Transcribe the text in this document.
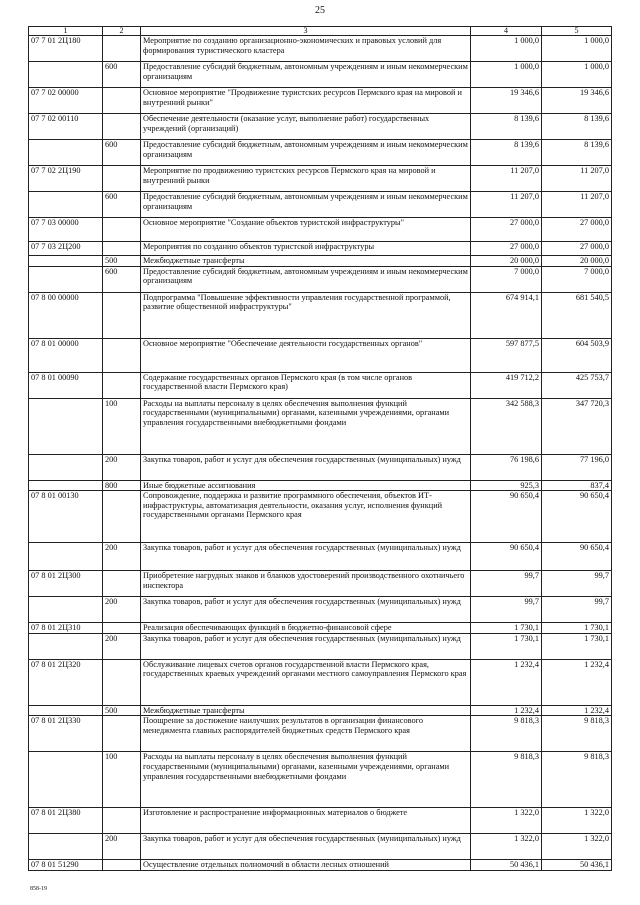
25
1	2	3	4	5
07 7 01 2Ц180		Мероприятие по созданию организационно-экономических и правовых условий для формирования туристического кластера	1 000,0	1 000,0
	600	Предоставление субсидий бюджетным, автономным учреждениям и иным некоммерческим организациям	1 000,0	1 000,0
07 7 02 00000		Основное мероприятие "Продвижение туристских ресурсов Пермского края на мировой и внутренний рынки"	19 346,6	19 346,6
07 7 02 00110		Обеспечение деятельности (оказание услуг, выполнение работ) государственных учреждений (организаций)	8 139,6	8 139,6
	600	Предоставление субсидий бюджетным, автономным учреждениям и иным некоммерческим организациям	8 139,6	8 139,6
07 7 02 2Ц190		Мероприятие по продвижению туристских ресурсов Пермского края на мировой и внутренний рынки	11 207,0	11 207,0
	600	Предоставление субсидий бюджетным, автономным учреждениям и иным некоммерческим организациям	11 207,0	11 207,0
07 7 03 00000		Основное мероприятие "Создание объектов туристской инфраструктуры"	27 000,0	27 000,0
07 7 03 2Ц200		Мероприятия по созданию объектов туристской инфраструктуры	27 000,0	27 000,0
	500	Межбюджетные трансферты	20 000,0	20 000,0
	600	Предоставление субсидий бюджетным, автономным учреждениям и иным некоммерческим организациям	7 000,0	7 000,0
07 8 00 00000		Подпрограмма "Повышение эффективности управления государственной программой, развитие общественной инфраструктуры"	674 914,1	681 540,5
07 8 01 00000		Основное мероприятие "Обеспечение деятельности государственных органов"	597 877,5	604 503,9
07 8 01 00090		Содержание государственных органов Пермского края (в том числе органов государственной власти Пермского края)	419 712,2	425 753,7
	100	Расходы на выплаты персоналу в целях обеспечения выполнения функций государственными (муниципальными) органами, казенными учреждениями, органами управления государственными внебюджетными фондами	342 588,3	347 720,3
	200	Закупка товаров, работ и услуг для обеспечения государственных (муниципальных) нужд	76 198,6	77 196,0
	800	Иные бюджетные ассигнования	925,3	837,4
07 8 01 00130		Сопровождение, поддержка и развитие программного обеспечения, объектов ИТ-инфраструктуры, автоматизация деятельности, оказания услуг, исполнения функций государственными органами Пермского края	90 650,4	90 650,4
	200	Закупка товаров, работ и услуг для обеспечения государственных (муниципальных) нужд	90 650,4	90 650,4
07 8 01 2Ц300		Приобретение нагрудных знаков и бланков удостоверений производственного охотничьего инспектора	99,7	99,7
	200	Закупка товаров, работ и услуг для обеспечения государственных (муниципальных) нужд	99,7	99,7
07 8 01 2Ц310		Реализация обеспечивающих функций в бюджетно-финансовой сфере	1 730,1	1 730,1
	200	Закупка товаров, работ и услуг для обеспечения государственных (муниципальных) нужд	1 730,1	1 730,1
07 8 01 2Ц320		Обслуживание лицевых счетов органов государственной власти Пермского края, государственных краевых учреждений органами местного самоуправления Пермского края	1 232,4	1 232,4
	500	Межбюджетные трансферты	1 232,4	1 232,4
07 8 01 2Ц330		Поощрение за достижение наилучших результатов в организации финансового менеджмента главных распорядителей бюджетных средств Пермского края	9 818,3	9 818,3
	100	Расходы на выплаты персоналу в целях обеспечения выполнения функций государственными (муниципальными) органами, казенными учреждениями, органами управления государственными внебюджетными фондами	9 818,3	9 818,3
07 8 01 2Ц380		Изготовление и распространение информационных материалов о бюджете	1 322,0	1 322,0
	200	Закупка товаров, работ и услуг для обеспечения государственных (муниципальных) нужд	1 322,0	1 322,0
07 8 01 51290		Осуществление отдельных полномочий в области лесных отношений	50 436,1	50 436,1
858-19
